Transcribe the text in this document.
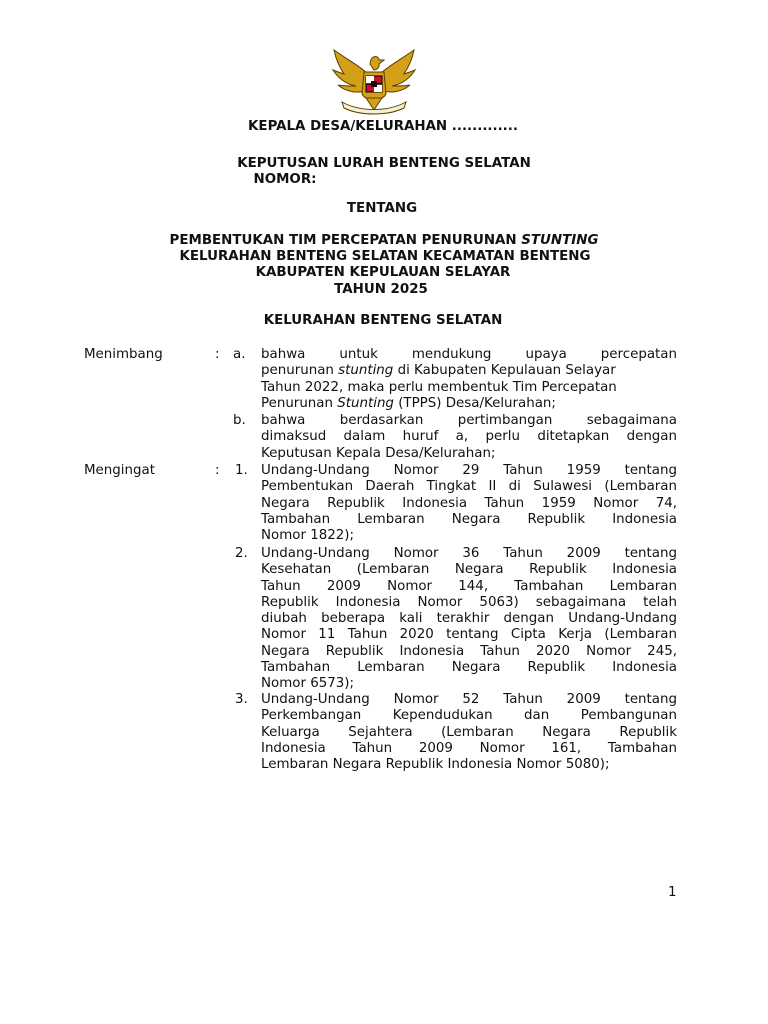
KEPALA DESA/KELURAHAN .............
KEPUTUSAN LURAH BENTENG SELATAN
NOMOR:
TENTANG
PEMBENTUKAN TIM PERCEPATAN PENURUNAN STUNTING
KELURAHAN BENTENG SELATAN KECAMATAN BENTENG
KABUPATEN KEPULAUAN SELAYAR
TAHUN 2025
KELURAHAN BENTENG SELATAN
Menimbang	: a. bahwa untuk mendukung upaya percepatan
penurunan stunting di Kabupaten Kepulauan Selayar
Tahun 2022, maka perlu membentuk Tim Percepatan
Penurunan Stunting (TPPS) Desa/Kelurahan;
b. bahwa berdasarkan pertimbangan sebagaimana
dimaksud dalam huruf a, perlu ditetapkan dengan
Keputusan Kepala Desa/Kelurahan;
Mengingat	: 1. Undang-Undang Nomor 29 Tahun 1959 tentang
Pembentukan Daerah Tingkat II di Sulawesi (Lembaran
Negara Republik Indonesia Tahun 1959 Nomor 74,
Tambahan Lembaran Negara Republik Indonesia
Nomor 1822);
2. Undang-Undang Nomor 36 Tahun 2009 tentang
Kesehatan (Lembaran Negara Republik Indonesia
Tahun 2009 Nomor 144, Tambahan Lembaran
Republik Indonesia Nomor 5063) sebagaimana telah
diubah beberapa kali terakhir dengan Undang-Undang
Nomor 11 Tahun 2020 tentang Cipta Kerja (Lembaran
Negara Republik Indonesia Tahun 2020 Nomor 245,
Tambahan Lembaran Negara Republik Indonesia
Nomor 6573);
3. Undang-Undang Nomor 52 Tahun 2009 tentang
Perkembangan Kependudukan dan Pembangunan
Keluarga Sejahtera (Lembaran Negara Republik
Indonesia Tahun 2009 Nomor 161, Tambahan
Lembaran Negara Republik Indonesia Nomor 5080);
1
